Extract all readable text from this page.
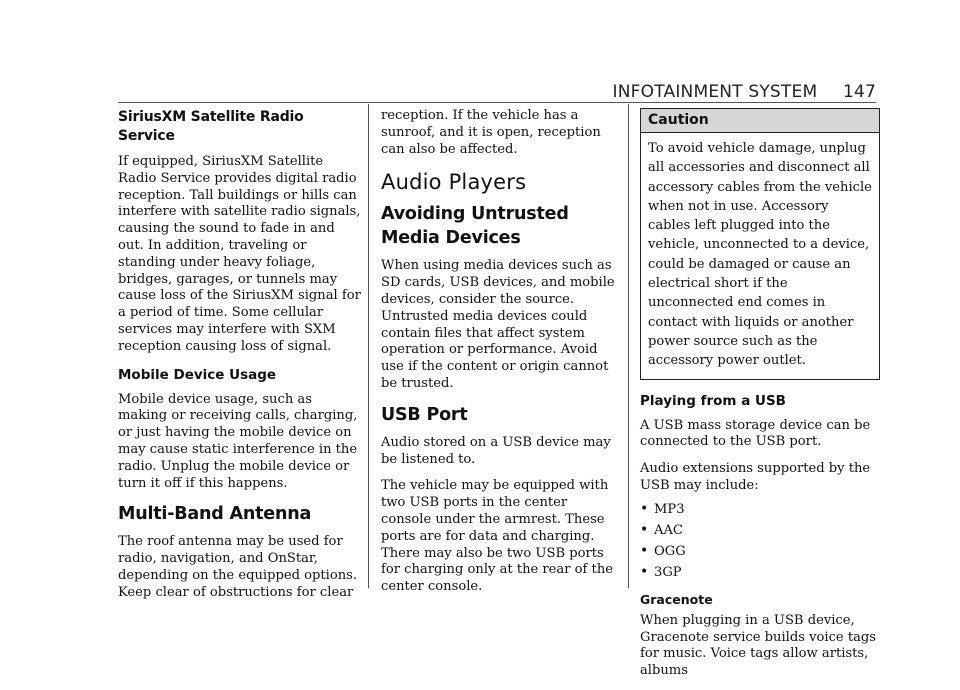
INFOTAINMENT SYSTEM 147
SiriusXM Satellite Radio Service

If equipped, SiriusXM Satellite Radio Service provides digital radio reception. Tall buildings or hills can interfere with satellite radio signals, causing the sound to fade in and out. In addition, traveling or standing under heavy foliage, bridges, garages, or tunnels may cause loss of the SiriusXM signal for a period of time. Some cellular services may interfere with SXM reception causing loss of signal.

Mobile Device Usage

Mobile device usage, such as making or receiving calls, charging, or just having the mobile device on may cause static interference in the radio. Unplug the mobile device or turn it off if this happens.

Multi-Band Antenna

The roof antenna may be used for radio, navigation, and OnStar, depending on the equipped options. Keep clear of obstructions for clear

reception. If the vehicle has a sunroof, and it is open, reception can also be affected.

Audio Players
Avoiding Untrusted Media Devices

When using media devices such as SD cards, USB devices, and mobile devices, consider the source. Untrusted media devices could contain files that affect system operation or performance. Avoid use if the content or origin cannot be trusted.

USB Port

Audio stored on a USB device may be listened to.

The vehicle may be equipped with two USB ports in the center console under the armrest. These ports are for data and charging. There may also be two USB ports for charging only at the rear of the center console.

Caution

To avoid vehicle damage, unplug all accessories and disconnect all accessory cables from the vehicle when not in use. Accessory cables left plugged into the vehicle, unconnected to a device, could be damaged or cause an electrical short if the unconnected end comes in contact with liquids or another power source such as the accessory power outlet.

Playing from a USB

A USB mass storage device can be connected to the USB port.

Audio extensions supported by the USB may include:

• MP3
• AAC
• OGG
• 3GP
Gracenote

When plugging in a USB device, Gracenote service builds voice tags for music. Voice tags allow artists, albums
